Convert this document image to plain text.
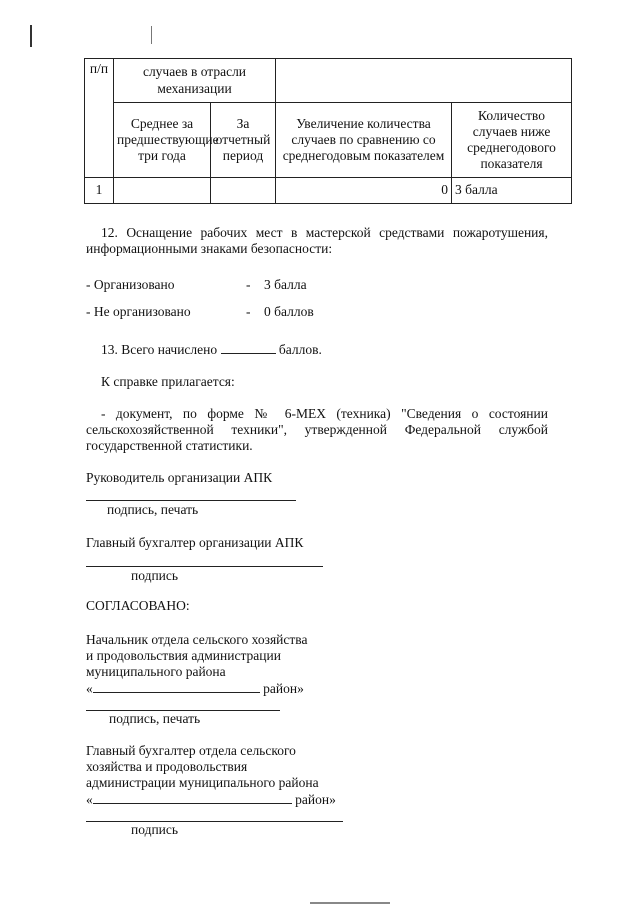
п/п	случаев в отрасли механизации			
	Среднее за предшествующие три года	За отчетный период	Увеличение количества случаев по сравнению со среднегодовым показателем	Количество случаев ниже среднегодового показателя
1			0	3 балла
12. Оснащение рабочих мест в мастерской средствами пожаротушения,
информационными знаками безопасности:
- Организовано	- 3 балла
- Не организовано	- 0 баллов
13. Всего начислено	баллов.
К справке прилагается:
- документ, по форме № 6-МЕХ (техника) "Сведения о состоянии
сельскохозяйственной техники", утвержденной Федеральной службой
государственной статистики.
Руководитель организации АПК
подпись, печать
Главный бухгалтер организации АПК
подпись
СОГЛАСОВАНО:
Начальник отдела сельского хозяйства
и продовольствия администрации
муниципального района
«	район»
подпись, печать
Главный бухгалтер отдела сельского
хозяйства и продовольствия
администрации муниципального района
«	район»
подпись
